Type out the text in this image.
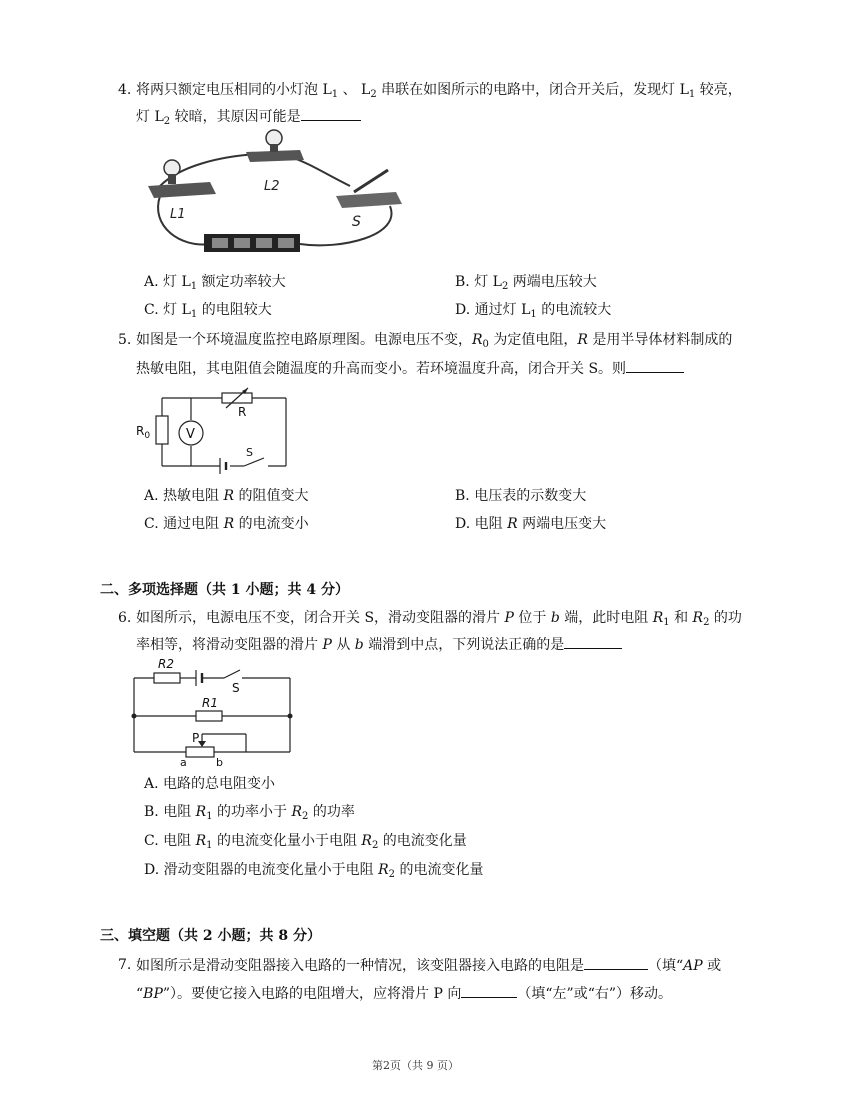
4. 将两只额定电压相同的小灯泡 $L_1$ 、 $L_2$ 串联在如图所示的电路中，闭合开关后，发现灯 $L_1$ 较亮，
灯 $L_2$ 较暗，其原因可能是
L1
L2
S
A. 灯 $L_1$ 额定功率较大	B. 灯 $L_2$ 两端电压较大
C. 灯 $L_1$ 的电阻较大	D. 通过灯 $L_1$ 的电流较大
5. 如图是一个环境温度监控电路原理图。电源电压不变，$R_0$ 为定值电阻，R 是用半导体材料制成的
热敏电阻，其电阻值会随温度的升高而变小。若环境温度升高，闭合开关 S。则
$R_0$	V
R
S
A. 热敏电阻 R 的阻值变大	B. 电压表的示数变大
C. 通过电阻 R 的电流变小	D. 电阻 R 两端电压变大
二、多项选择题（共 1 小题；共 4 分）
6. 如图所示，电源电压不变，闭合开关 S，滑动变阻器的滑片 P 位于 b 端，此时电阻 $R_1$ 和 $R_2$ 的功
率相等，将滑动变阻器的滑片 P 从 b 端滑到中点，下列说法正确的是
R2
S
R1
P
a	b
A. 电路的总电阻变小
B. 电阻 $R_1$ 的功率小于 $R_2$ 的功率
C. 电阻 $R_1$ 的电流变化量小于电阻 $R_2$ 的电流变化量
D. 滑动变阻器的电流变化量小于电阻 $R_2$ 的电流变化量
三、填空题（共 2 小题；共 8 分）
7. 如图所示是滑动变阻器接入电路的一种情况，该变阻器接入电路的电阻是	（填“AP 或
“BP”）。要使它接入电路的电阻增大，应将滑片 P 向	（填“左”或“右”）移动。
第2页（共 9 页）
